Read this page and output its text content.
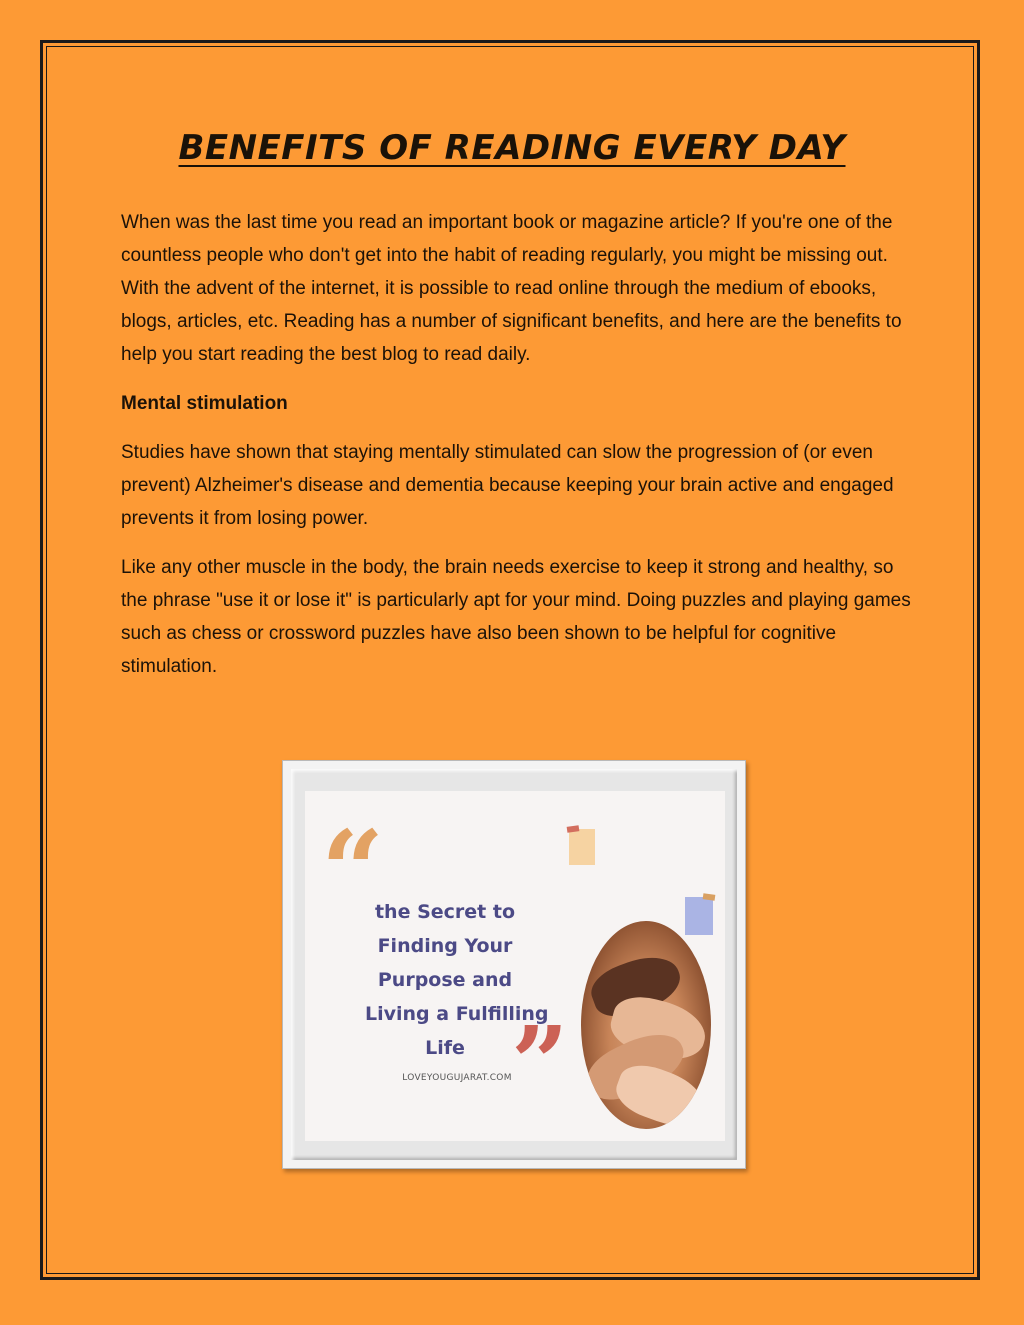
BENEFITS OF READING EVERY DAY

When was the last time you read an important book or magazine article? If you're one of the countless people who don't get into the habit of reading regularly, you might be missing out. With the advent of the internet, it is possible to read online through the medium of ebooks, blogs, articles, etc. Reading has a number of significant benefits, and here are the benefits to help you start reading the best blog to read daily.

Mental stimulation

Studies have shown that staying mentally stimulated can slow the progression of (or even prevent) Alzheimer's disease and dementia because keeping your brain active and engaged prevents it from losing power.

Like any other muscle in the body, the brain needs exercise to keep it strong and healthy, so the phrase "use it or lose it" is particularly apt for your mind. Doing puzzles and playing games such as chess or crossword puzzles have also been shown to be helpful for cognitive stimulation.

“
the Secret to
Finding Your
Purpose and
Living a Fulfilling
Life ”
LOVEYOUGUJARAT.COM
